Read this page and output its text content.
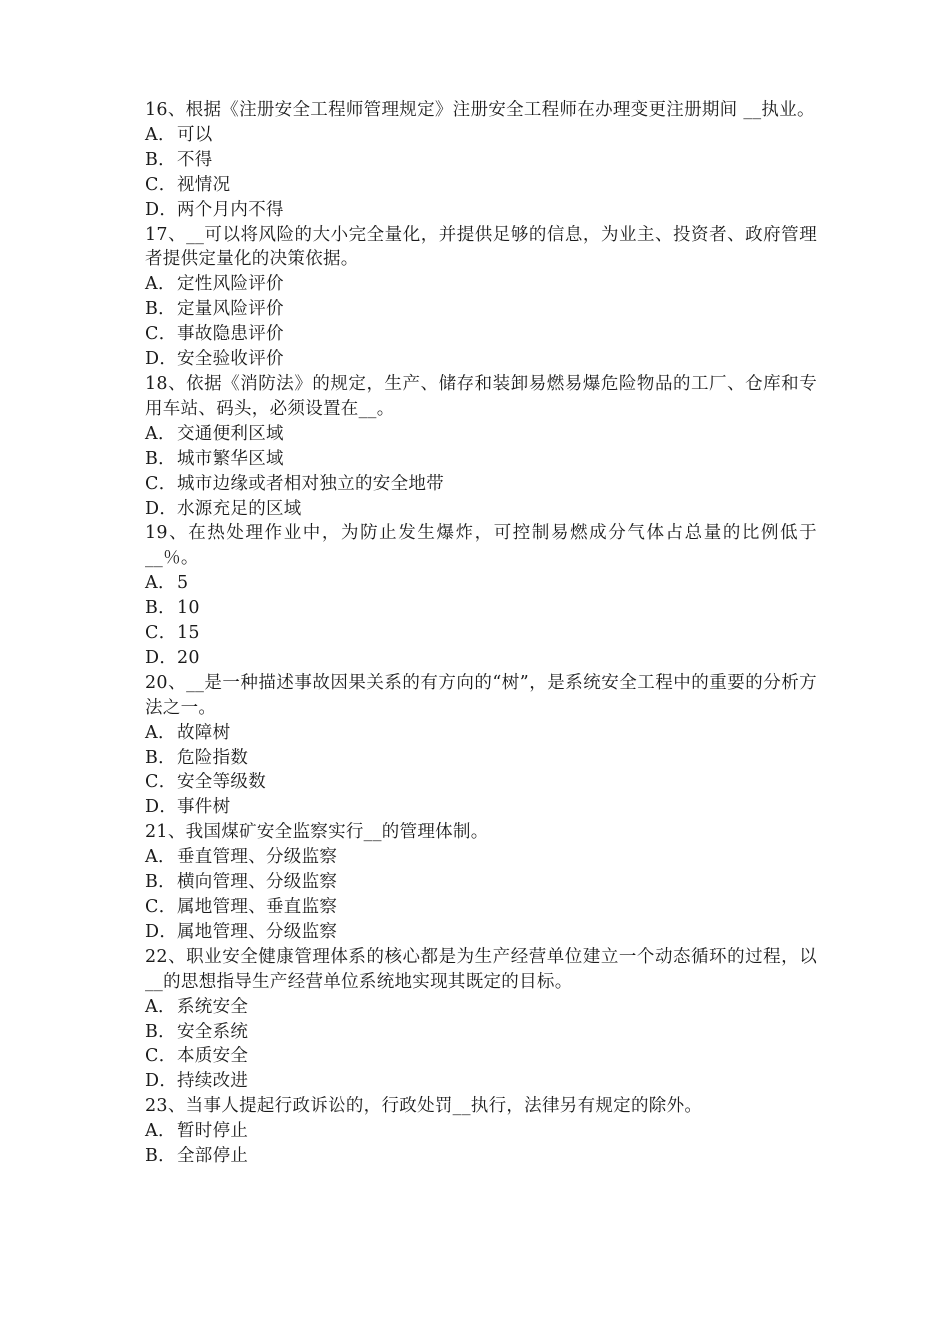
16、根据《注册安全工程师管理规定》注册安全工程师在办理变更注册期间 __执业。
A．可以
B．不得
C．视情况
D．两个月内不得
17、__可以将风险的大小完全量化，并提供足够的信息，为业主、投资者、政府管理者提供定量化的决策依据。
A．定性风险评价
B．定量风险评价
C．事故隐患评价
D．安全验收评价
18、依据《消防法》的规定，生产、储存和装卸易燃易爆危险物品的工厂、仓库和专用车站、码头，必须设置在__。
A．交通便利区域
B．城市繁华区域
C．城市边缘或者相对独立的安全地带
D．水源充足的区域
19、在热处理作业中，为防止发生爆炸，可控制易燃成分气体占总量的比例低于__％。
A．5
B．10
C．15
D．20
20、__是一种描述事故因果关系的有方向的“树”，是系统安全工程中的重要的分析方法之一。
A．故障树
B．危险指数
C．安全等级数
D．事件树
21、我国煤矿安全监察实行__的管理体制。
A．垂直管理、分级监察
B．横向管理、分级监察
C．属地管理、垂直监察
D．属地管理、分级监察
22、职业安全健康管理体系的核心都是为生产经营单位建立一个动态循环的过程，以__的思想指导生产经营单位系统地实现其既定的目标。
A．系统安全
B．安全系统
C．本质安全
D．持续改进
23、当事人提起行政诉讼的，行政处罚__执行，法律另有规定的除外。
A．暂时停止
B．全部停止
